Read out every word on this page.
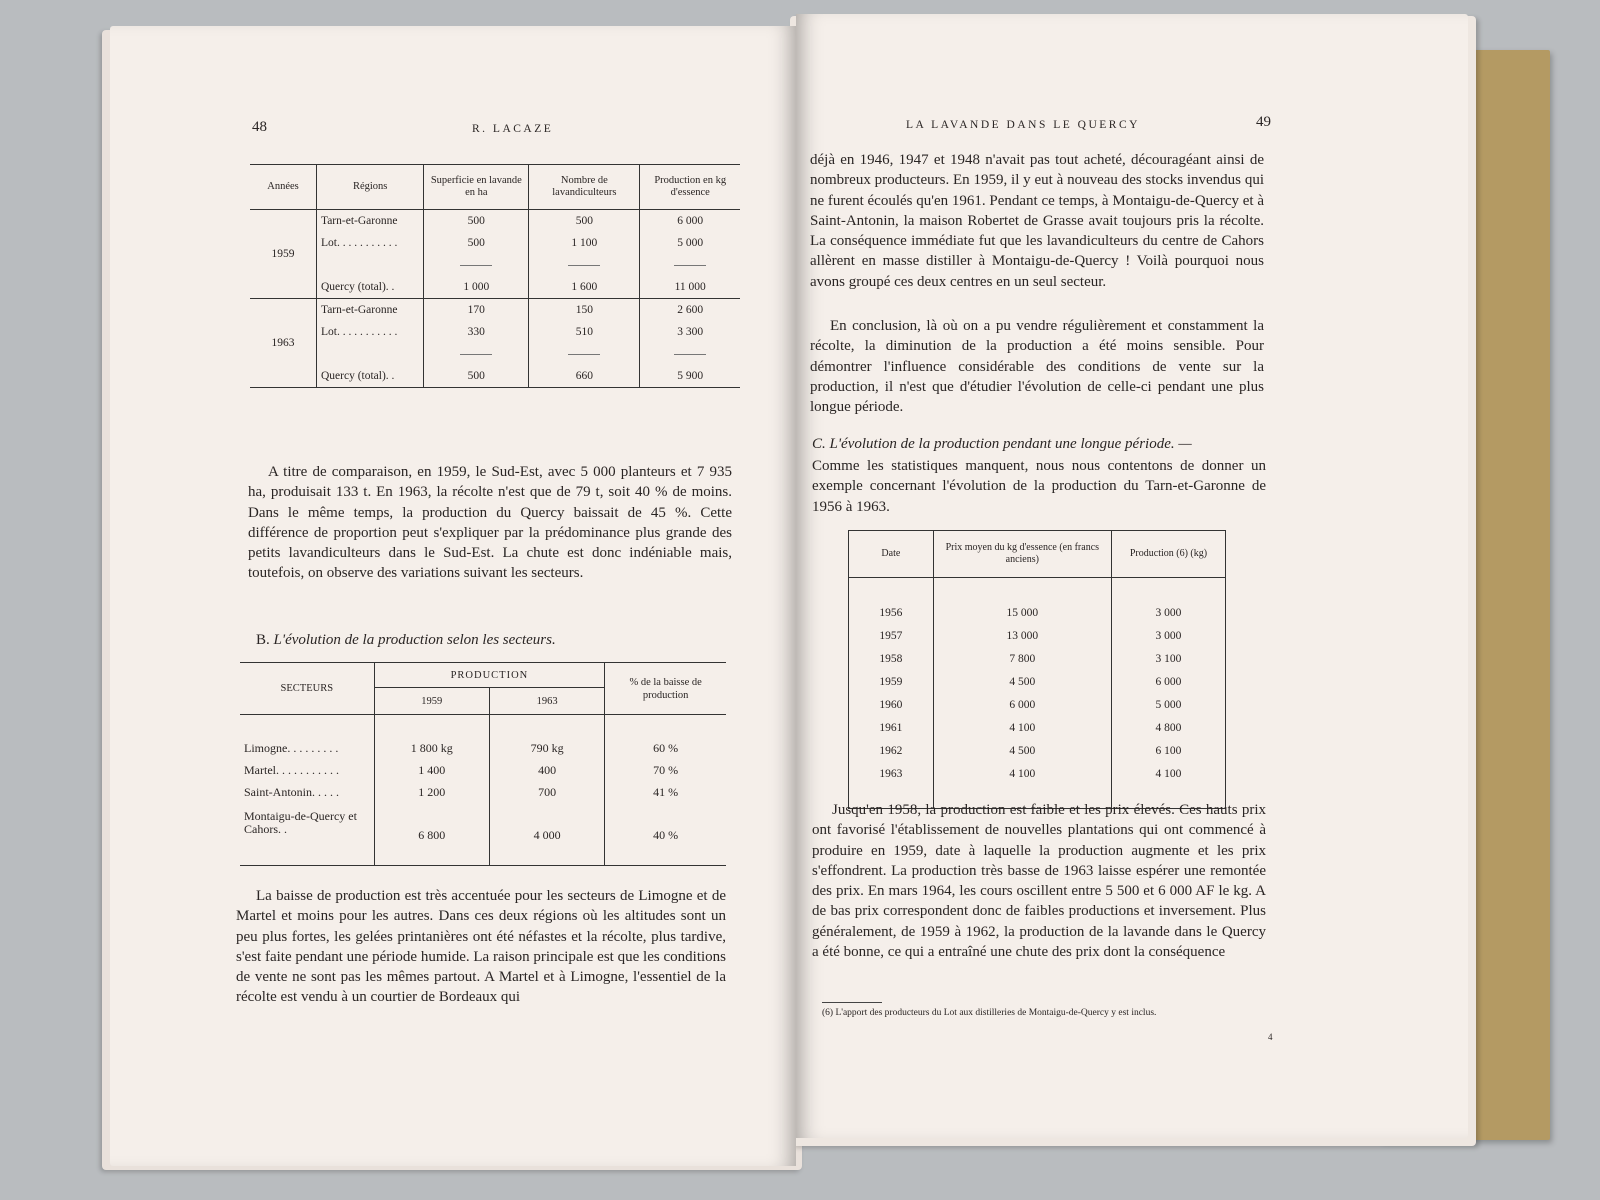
48	R. LACAZE
Années	Régions	Superficie en lavande en ha	Nombre de lavandiculteurs	Production en kg d'essence
1959	Tarn-et-Garonne	500	500	6 000
	Lot. . . . . . . . . . .	500	1 100	5 000

	Quercy (total). .	1 000	1 600	11 000
1963	Tarn-et-Garonne	170	150	2 600
	Lot. . . . . . . . . . .	330	510	3 300

	Quercy (total). .	500	660	5 900

A titre de comparaison, en 1959, le Sud-Est, avec 5 000 planteurs et 7 935 ha, produisait 133 t. En 1963, la récolte n'est que de 79 t, soit 40 % de moins. Dans le même temps, la production du Quercy baissait de 45 %. Cette différence de proportion peut s'expliquer par la prédominance plus grande des petits lavandiculteurs dans le Sud-Est. La chute est donc indéniable mais, toutefois, on observe des variations suivant les secteurs.

B. L'évolution de la production selon les secteurs.
SECTEURS	PRODUCTION		% de la baisse de production
	1959	1963	

Limogne. . . . . . . . .	1 800 kg	790 kg	60 %
Martel. . . . . . . . . . .	1 400	400	70 %
Saint-Antonin. . . . .	1 200	700	41 %
Montaigu-de-Quercy et Cahors. .	6 800	4 000	40 %

La baisse de production est très accentuée pour les secteurs de Limogne et de Martel et moins pour les autres. Dans ces deux régions où les altitudes sont un peu plus fortes, les gelées printanières ont été néfastes et la récolte, plus tardive, s'est faite pendant une période humide. La raison principale est que les conditions de vente ne sont pas les mêmes partout. A Martel et à Limogne, l'essentiel de la récolte est vendu à un courtier de Bordeaux qui

LA LAVANDE DANS LE QUERCY	49

déjà en 1946, 1947 et 1948 n'avait pas tout acheté, découragéant ainsi de nombreux producteurs. En 1959, il y eut à nouveau des stocks invendus qui ne furent écoulés qu'en 1961. Pendant ce temps, à Montaigu-de-Quercy et à Saint-Antonin, la maison Robertet de Grasse avait toujours pris la récolte. La conséquence immédiate fut que les lavandiculteurs du centre de Cahors allèrent en masse distiller à Montaigu-de-Quercy ! Voilà pourquoi nous avons groupé ces deux centres en un seul secteur.

En conclusion, là où on a pu vendre régulièrement et constamment la récolte, la diminution de la production a été moins sensible. Pour démontrer l'influence considérable des conditions de vente sur la production, il n'est que d'étudier l'évolution de celle-ci pendant une plus longue période.

C. L'évolution de la production pendant une longue période. —

Comme les statistiques manquent, nous nous contentons de donner un exemple concernant l'évolution de la production du Tarn-et-Garonne de 1956 à 1963.

Date	Prix moyen du kg d'essence (en francs anciens)	Production (6) (kg)

1956	15 000	3 000
1957	13 000	3 000
1958	7 800	3 100
1959	4 500	6 000
1960	6 000	5 000
1961	4 100	4 800
1962	4 500	6 100
1963	4 100	4 100

Jusqu'en 1958, la production est faible et les prix élevés. Ces hauts prix ont favorisé l'établissement de nouvelles plantations qui ont commencé à produire en 1959, date à laquelle la production augmente et les prix s'effondrent. La production très basse de 1963 laisse espérer une remontée des prix. En mars 1964, les cours oscillent entre 5 500 et 6 000 AF le kg. A de bas prix correspondent donc de faibles productions et inversement. Plus généralement, de 1959 à 1962, la production de la lavande dans le Quercy a été bonne, ce qui a entraîné une chute des prix dont la conséquence

(6) L'apport des producteurs du Lot aux distilleries de Montaigu-de-Quercy y est inclus.
4
